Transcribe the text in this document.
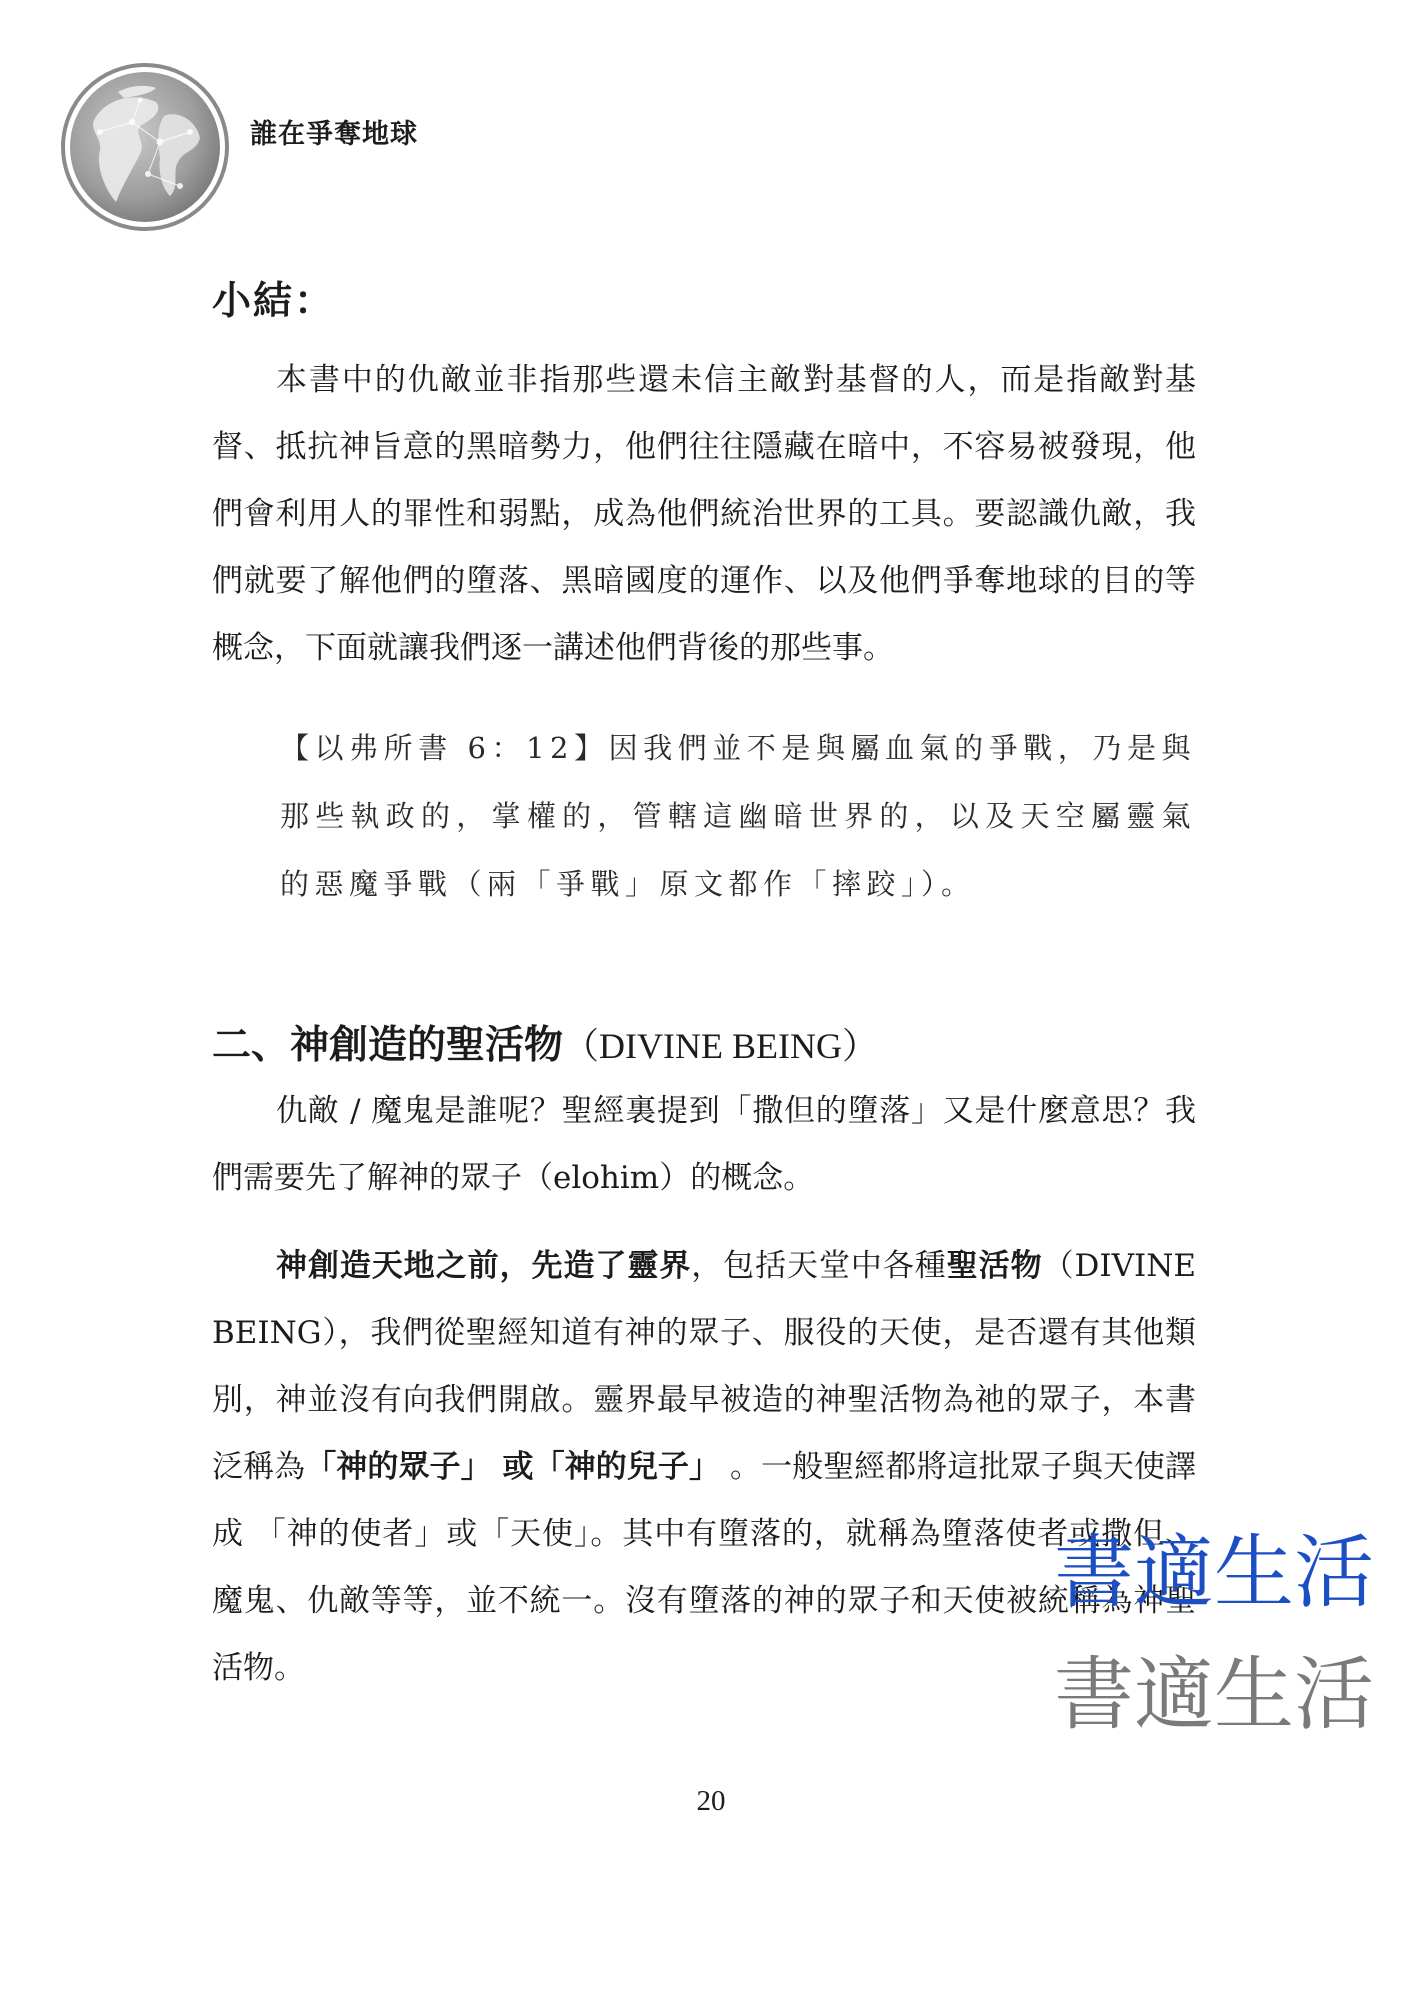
誰在爭奪地球
小結：

本書中的仇敵並非指那些還未信主敵對基督的人，而是指敵對基督、抵抗神旨意的黑暗勢力，他們往往隱藏在暗中，不容易被發現，他們會利用人的罪性和弱點，成為他們統治世界的工具。要認識仇敵，我們就要了解他們的墮落、黑暗國度的運作、以及他們爭奪地球的目的等概念，下面就讓我們逐一講述他們背後的那些事。

【以弗所書 6：12】因我們並不是與屬血氣的爭戰，乃是與那些執政的，掌權的，管轄這幽暗世界的，以及天空屬靈氣的惡魔爭戰（兩「爭戰」原文都作「摔跤」）。

二、神創造的聖活物（DIVINE BEING）

仇敵 / 魔鬼是誰呢？聖經裏提到「撒但的墮落」又是什麼意思？我們需要先了解神的眾子（elohim）的概念。

神創造天地之前，先造了靈界，包括天堂中各種聖活物（DIVINE BEING），我們從聖經知道有神的眾子、服役的天使，是否還有其他類別，神並沒有向我們開啟。靈界最早被造的神聖活物為祂的眾子，本書泛稱為「神的眾子」 或「神的兒子」 。一般聖經都將這批眾子與天使譯成 「神的使者」或「天使」。其中有墮落的，就稱為墮落使者或撒但、魔鬼、仇敵等等，並不統一。沒有墮落的神的眾子和天使被統稱為神聖活物。

書適生活
書適生活
20
